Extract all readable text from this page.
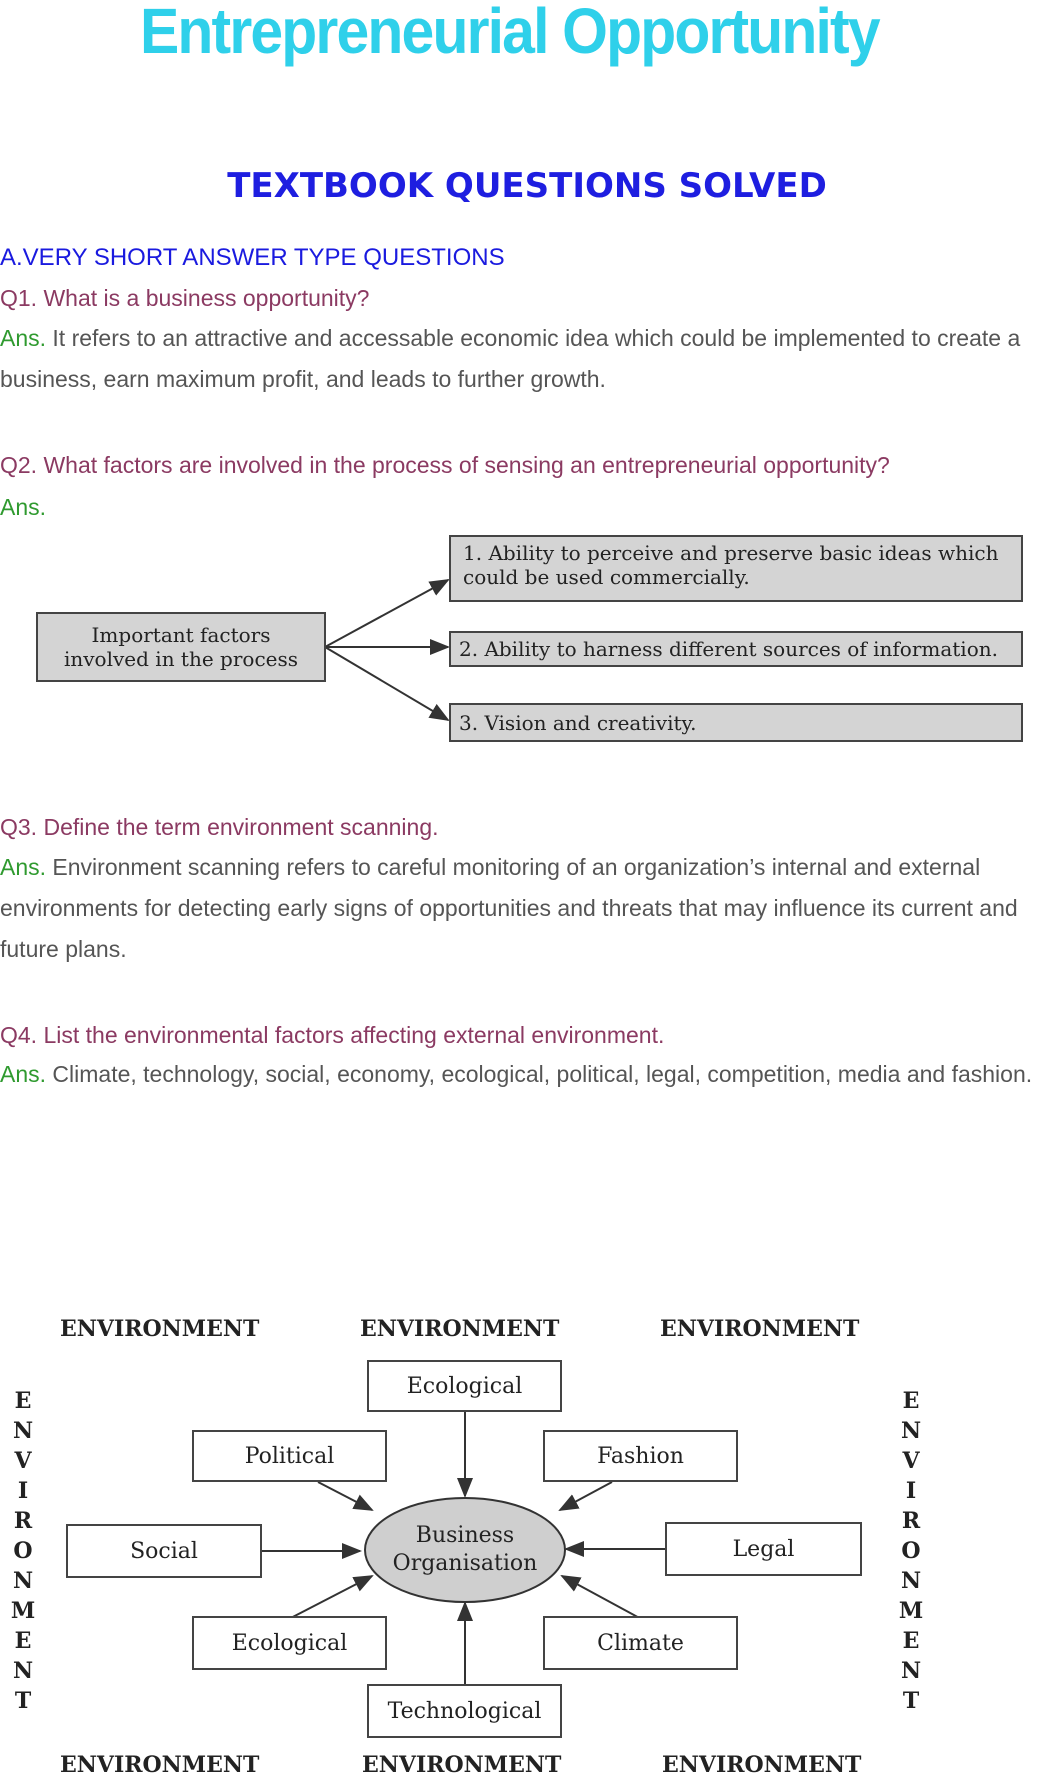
Entrepreneurial Opportunity
TEXTBOOK QUESTIONS SOLVED
A.VERY SHORT ANSWER TYPE QUESTIONS
Q1. What is a business opportunity?
Ans. It refers to an attractive and accessable economic idea which could be implemented to create a business, earn maximum profit, and leads to further growth.
Q2. What factors are involved in the process of sensing an entrepreneurial opportunity?
Ans.
Important factors involved in the process
1. Ability to perceive and preserve basic ideas which could be used commercially.
2. Ability to harness different sources of information.
3. Vision and creativity.
Q3. Define the term environment scanning.
Ans. Environment scanning refers to careful monitoring of an organization’s internal and external environments for detecting early signs of opportunities and threats that may influence its current and future plans.
Q4. List the environmental factors affecting external environment.
Ans. Climate, technology, social, economy, ecological, political, legal, competition, media and fashion.
ENVIRONMENT	ENVIRONMENT	ENVIRONMENT
ENVIRONMENT	ENVIRONMENT	ENVIRONMENT
E
N
V
I
R
O
N
M
E
N
T
E
N
V
I
R
O
N
M
E
N
T
Ecological
Political	Fashion
Social	Legal
Ecological	Climate
Technological
Business Organisation
